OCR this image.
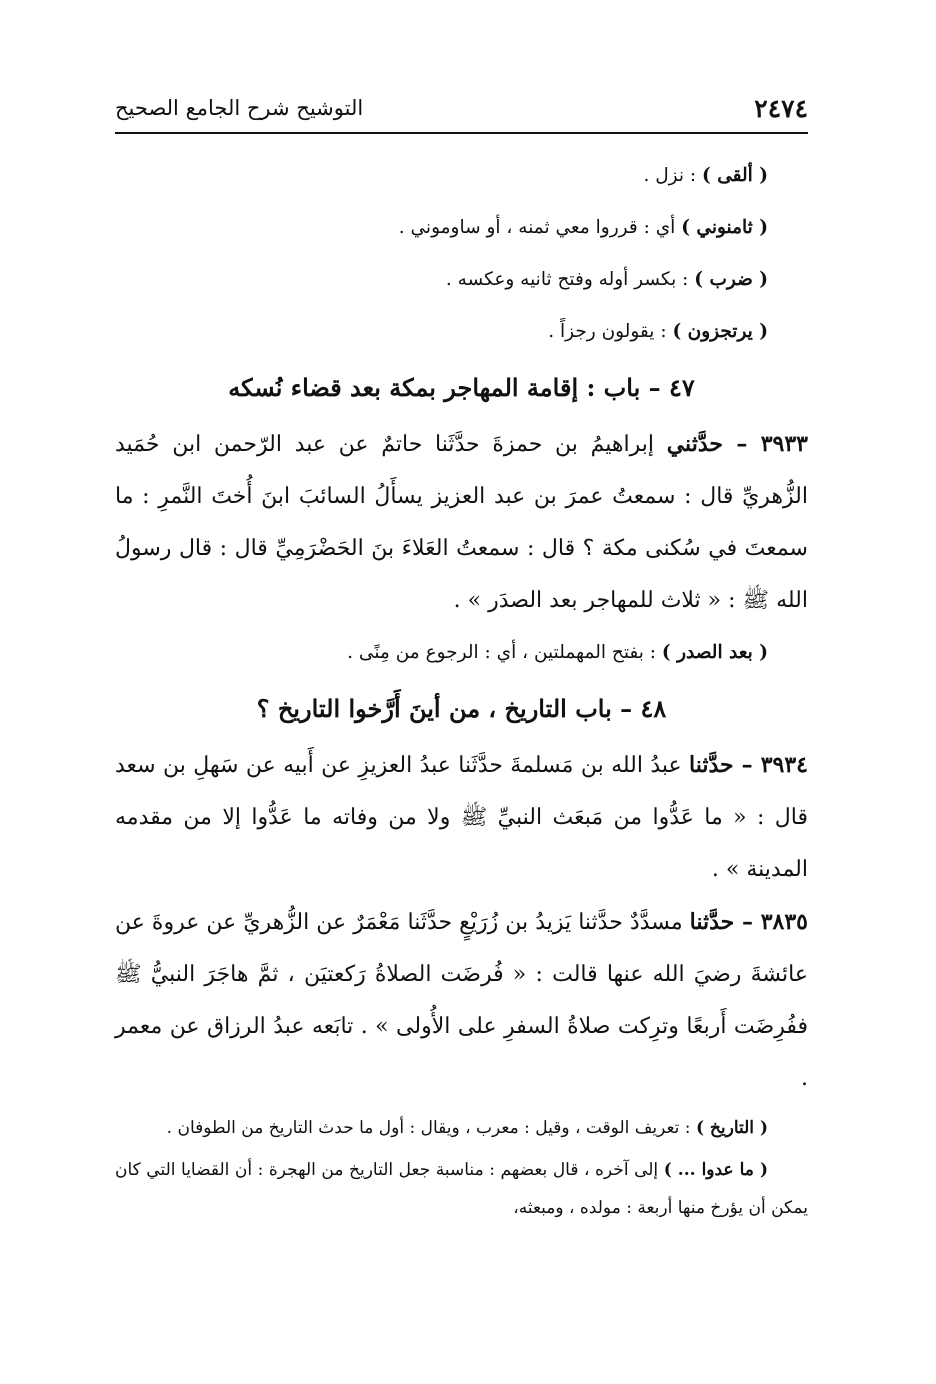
٢٤٧٤
التوشيح شرح الجامع الصحيح
( ألقى ) : نزل .
( ثامنوني ) أي : قرروا معي ثمنه ، أو ساوموني .
( ضرب ) : بكسر أوله وفتح ثانيه وعكسه .
( يرتجزون ) : يقولون رجزاً .
٤٧ – باب : إقامة المهاجر بمكة بعد قضاء نُسكه
٣٩٣٣ – حدَّثني إبراهيمُ بن حمزةَ حدَّثَنا حاتمٌ عن عبد الرّحمن ابن حُمَيد الزُّهريِّ قال : سمعتُ عمرَ بن عبد العزيز يسأَلُ السائبَ ابنَ أُختَ النَّمرِ : ما سمعتَ في سُكنى مكة ؟ قال : سمعتُ العَلاءَ بنَ الحَضْرَمِيِّ قال : قال رسولُ الله ﷺ : « ثلاث للمهاجر بعد الصدَر » .
( بعد الصدر ) : بفتح المهملتين ، أي : الرجوع من مِنًى .
٤٨ – باب التاريخ ، من أينَ أَرَّخوا التاريخ ؟
٣٩٣٤ – حدَّثنا عبدُ الله بن مَسلمةَ حدَّثَنا عبدُ العزيزِ عن أَبيه عن سَهلِ بن سعد قال : « ما عَدُّوا من مَبعَث النبيِّ ﷺ ولا من وفاته ما عَدُّوا إلا من مقدمه المدينة » .
٣٨٣٥ – حدَّثنا مسدَّدٌ حدَّثنا يَزيدُ بن زُرَيْعٍ حدَّثَنا مَعْمَرٌ عن الزُّهريِّ عن عروةَ عن عائشةَ رضيَ الله عنها قالت : « فُرضَت الصلاةُ رَكعتيَن ، ثمَّ هاجَرَ النبيُّ ﷺ ففُرِضَت أَربعًا وترِكت صلاةُ السفرِ على الأُولى » . تابَعه عبدُ الرزاق عن معمر .
( التاريخ ) : تعريف الوقت ، وقيل : معرب ، ويقال : أول ما حدث التاريخ من الطوفان .
( ما عدوا ... ) إلى آخره ، قال بعضهم : مناسبة جعل التاريخ من الهجرة : أن القضايا التي كان يمكن أن يؤرخ منها أربعة : مولده ، ومبعثه،
